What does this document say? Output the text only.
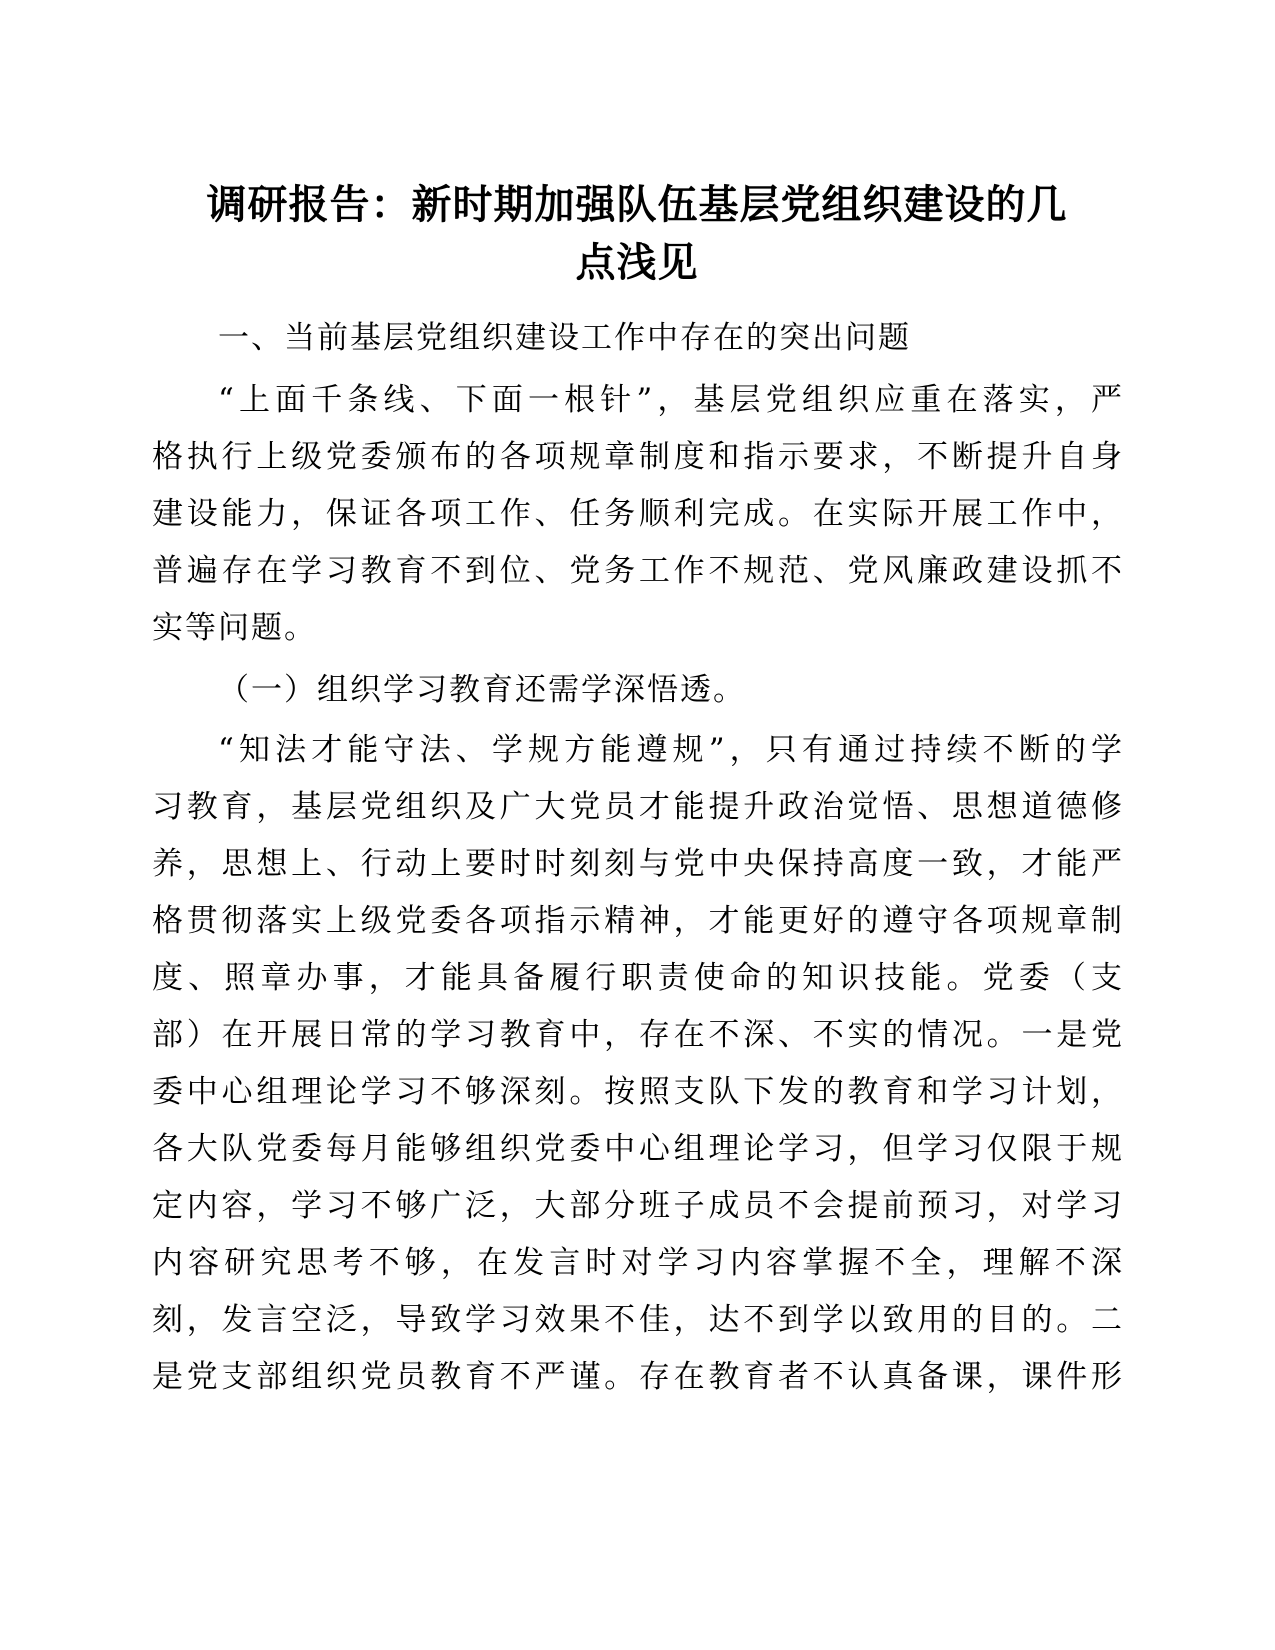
调研报告：新时期加强队伍基层党组织建设的几
点浅见

一、当前基层党组织建设工作中存在的突出问题

“上面千条线、下面一根针”，基层党组织应重在落实，严
格执行上级党委颁布的各项规章制度和指示要求，不断提升自身
建设能力，保证各项工作、任务顺利完成。在实际开展工作中，
普遍存在学习教育不到位、党务工作不规范、党风廉政建设抓不
实等问题。
（一）组织学习教育还需学深悟透。
“知法才能守法、学规方能遵规”，只有通过持续不断的学
习教育，基层党组织及广大党员才能提升政治觉悟、思想道德修
养，思想上、行动上要时时刻刻与党中央保持高度一致，才能严
格贯彻落实上级党委各项指示精神，才能更好的遵守各项规章制
度、照章办事，才能具备履行职责使命的知识技能。党委（支
部）在开展日常的学习教育中，存在不深、不实的情况。一是党
委中心组理论学习不够深刻。按照支队下发的教育和学习计划，
各大队党委每月能够组织党委中心组理论学习，但学习仅限于规
定内容，学习不够广泛，大部分班子成员不会提前预习，对学习
内容研究思考不够，在发言时对学习内容掌握不全，理解不深
刻，发言空泛，导致学习效果不佳，达不到学以致用的目的。二
是党支部组织党员教育不严谨。存在教育者不认真备课，课件形
